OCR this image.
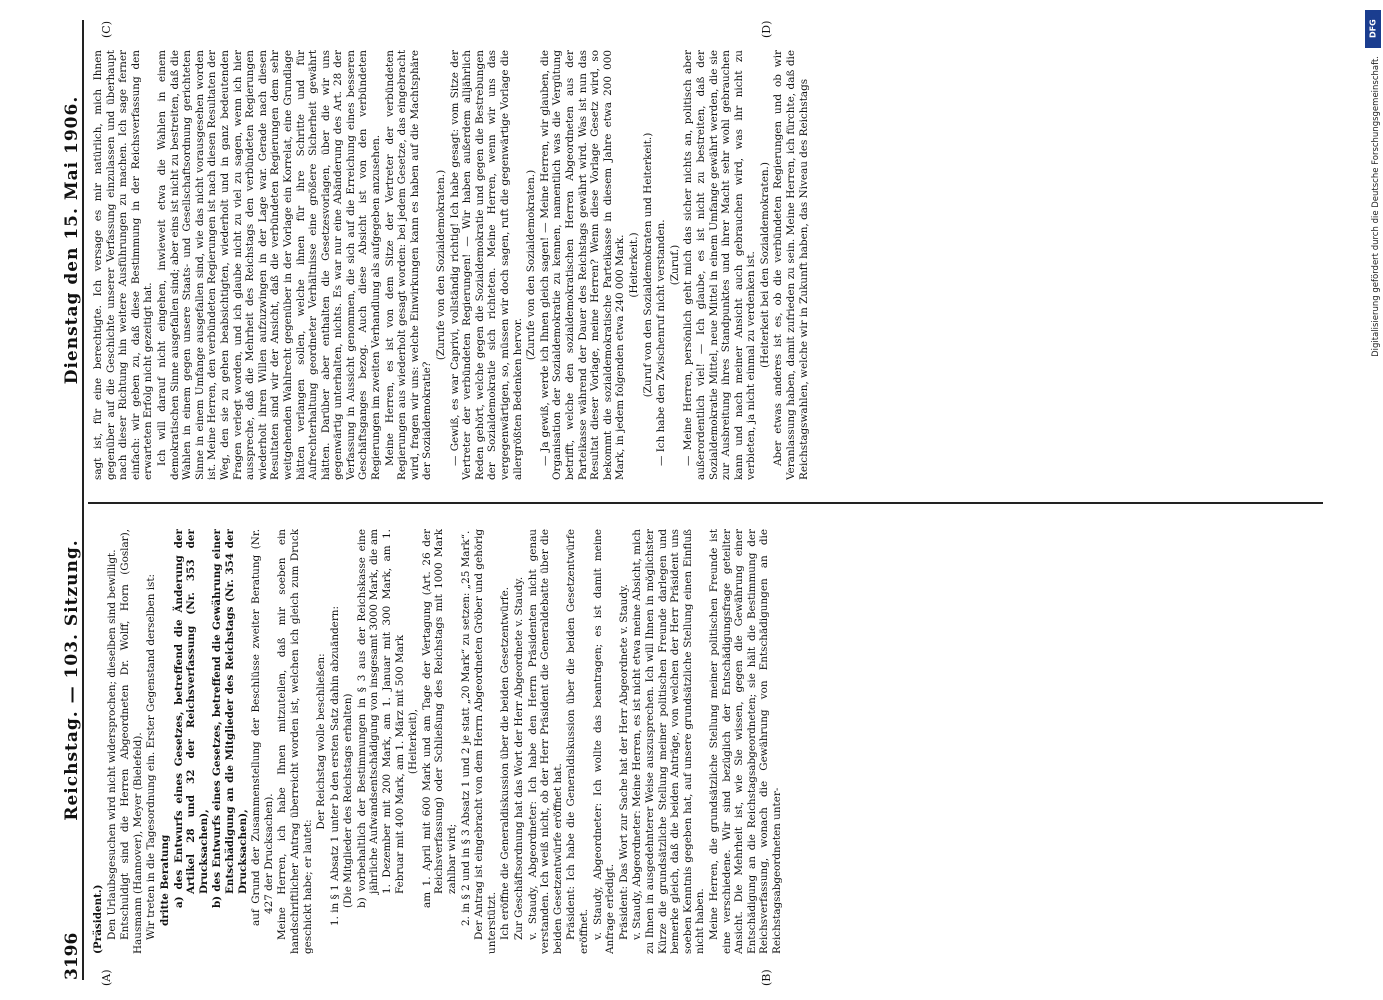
3196
Reichstag. — 103. Sitzung.
Dienstag den 15. Mai 1906.
(A)	(B)
(C)	(D)

(Präsident.) Den Urlaubsgesuchen wird nicht widersprochen; dieselben sind bewilligt. Entschuldigt sind die Herren Abgeordneten Dr. Wolff, Horn (Goslar), Hausmann (Hannover), Meyer (Bielefeld). Wir treten in die Tagesordnung ein. Erster Gegenstand derselben ist: dritte Beratung a) des Entwurfs eines Gesetzes, betreffend die Änderung der Artikel 28 und 32 der Reichsverfassung (Nr. 353 der Drucksachen), b) des Entwurfs eines Gesetzes, betreffend die Gewährung einer Entschädigung an die Mitglieder des Reichstags (Nr. 354 der Drucksachen), auf Grund der Zusammenstellung der Beschlüsse zweiter Beratung (Nr. 427 der Drucksachen). Meine Herren, ich habe Ihnen mitzuteilen, daß mir soeben ein handschriftlicher Antrag überreicht worden ist, welchen ich gleich zum Druck geschickt habe; er lautet:

Der Reichstag wolle beschließen: 1. in § 1 Absatz 1 unter b den ersten Satz dahin abzuändern: (Die Mitglieder des Reichstags erhalten) b) vorbehaltlich der Bestimmungen in § 3 aus der Reichskasse eine jährliche Aufwandsentschädigung von insgesamt 3000 Mark, die am 1. Dezember mit 200 Mark, am 1. Januar mit 300 Mark, am 1. Februar mit 400 Mark, am 1. März mit 500 Mark (Heiterkeit), am 1. April mit 600 Mark und am Tage der Vertagung (Art. 26 der Reichsverfassung) oder Schließung des Reichstags mit 1000 Mark zahlbar wird; 2. in § 2 und in § 3 Absatz 1 und 2 je statt „20 Mark“ zu setzen: „25 Mark“. Der Antrag ist eingebracht von dem Herrn Abgeordneten Gröber und gehörig unterstützt. Ich eröffne die Generaldiskussion über die beiden Gesetzentwürfe. Zur Geschäftsordnung hat das Wort der Herr Abgeordnete v. Staudy. v. Staudy, Abgeordneter: Ich habe den Herrn Präsidenten nicht genau verstanden. Ich weiß nicht, ob der Herr Präsident die Generaldebatte über die beiden Gesetzentwürfe eröffnet hat. Präsident: Ich habe die Generaldiskussion über die beiden Gesetzentwürfe eröffnet. v. Staudy, Abgeordneter: Ich wollte das beantragen; es ist damit meine Anfrage erledigt. Präsident: Das Wort zur Sache hat der Herr Abgeordnete v. Staudy. v. Staudy, Abgeordneter: Meine Herren, es ist nicht etwa meine Absicht, mich zu Ihnen in ausgedehnterer Weise auszusprechen. Ich will Ihnen in möglichster Kürze die grundsätzliche Stellung meiner politischen Freunde darlegen und bemerke gleich, daß die beiden Anträge, von welchen der Herr Präsident uns soeben Kenntnis gegeben hat, auf unsere grundsätzliche Stellung einen Einfluß nicht haben. Meine Herren, die grundsätzliche Stellung meiner politischen Freunde ist eine verschiedene. Wir sind bezüglich der Entschädigungsfrage geteilter Ansicht. Die Mehrheit ist, wie Sie wissen, gegen die Gewährung einer Entschädigung an die Reichstagsabgeordneten; sie hält die Bestimmung der Reichsverfassung, wonach die Gewährung von Entschädigungen an die Reichstagsabgeordneten unter-

sagt ist, für eine berechtigte. Ich versage es mir natürlich, mich Ihnen gegenüber auf die Geschichte unserer Verfassung einzulassen und überhaupt nach dieser Richtung hin weitere Ausführungen zu machen. Ich sage ferner einfach: wir geben zu, daß diese Bestimmung in der Reichsverfassung den erwarteten Erfolg nicht gezeitigt hat. Ich will darauf nicht eingehen, inwieweit etwa die Wahlen in einem demokratischen Sinne ausgefallen sind; aber eins ist nicht zu bestreiten, daß die Wahlen in einem gegen unsere Staats- und Gesellschaftsordnung gerichteten Sinne in einem Umfange ausgefallen sind, wie das nicht vorausgesehen worden ist. Meine Herren, den verbündeten Regierungen ist nach diesen Resultaten der Weg, den sie zu gehen beabsichtigten, wiederholt und in ganz bedeutenden Fragen verlegt worden, und ich glaube nicht zu viel zu sagen, wenn ich hier ausspreche, daß die Mehrheit des Reichstags den verbündeten Regierungen wiederholt ihren Willen aufzuzwingen in der Lage war. Gerade nach diesen Resultaten sind wir der Ansicht, daß die verbündeten Regierungen dem sehr weitgehenden Wahlrecht gegenüber in der Vorlage ein Korrelat, eine Grundlage hätten verlangen sollen, welche ihnen für ihre Schritte und für Aufrechterhaltung geordneter Verhältnisse eine größere Sicherheit gewährt hätten. Darüber aber enthalten die Gesetzesvorlagen, über die wir uns gegenwärtig unterhalten, nichts. Es war nur eine Abänderung des Art. 28 der Verfassung in Aussicht genommen, die sich auf die Erreichung eines besseren Geschäftsganges bezog. Auch diese Absicht ist von den verbündeten Regierungen im zweiten Verhandlung als aufgegeben anzusehen. Meine Herren, es ist von dem Sitze der Vertreter der verbündeten Regierungen aus wiederholt gesagt worden: bei jedem Gesetze, das eingebracht wird, fragen wir uns: welche Einwirkungen kann es haben auf die Machtsphäre der Sozialdemokratie?

(Zurufe von den Sozialdemokraten.) — Gewiß, es war Caprivi, vollständig richtig! Ich habe gesagt: vom Sitze der Vertreter der verbündeten Regierungen! — Wir haben außerdem alljährlich Reden gehört, welche gegen die Sozialdemokratie und gegen die Bestrebungen der Sozialdemokratie sich richteten. Meine Herren, wenn wir uns das vergegenwärtigen, so, müssen wir doch sagen, ruft die gegenwärtige Vorlage die allergrößten Bedenken hervor.

(Zurufe von den Sozialdemokraten.) — Ja gewiß, werde ich Ihnen gleich sagen! — Meine Herren, wir glauben, die Organisation der Sozialdemokratie zu kennen, namentlich was die Vergütung betrifft, welche den sozialdemokratischen Herren Abgeordneten aus der Parteikasse während der Dauer des Reichstags gewährt wird. Was ist nun das Resultat dieser Vorlage, meine Herren? Wenn diese Vorlage Gesetz wird, so bekommt die sozialdemokratische Parteikasse in diesem Jahre etwa 200 000 Mark, in jedem folgenden etwa 240 000 Mark. (Heiterkeit.) (Zuruf von den Sozialdemokraten und Heiterkeit.) — Ich habe den Zwischenruf nicht verstanden. (Zuruf.) — Meine Herren, persönlich geht mich das sicher nichts an, politisch aber außerordentlich viel! — Ich glaube, es ist nicht zu bestreiten, daß der Sozialdemokratie Mittel, neue Mittel in einem Umfange gewährt werden, die sie zur Ausbreitung ihres Standpunktes und ihrer Macht sehr wohl gebrauchen kann und nach meiner Ansicht auch gebrauchen wird, was ihr nicht zu verbieten, ja nicht einmal zu verdenken ist. (Heiterkeit bei den Sozialdemokraten.) Aber etwas anderes ist es, ob die verbündeten Regierungen und ob wir Veranlassung haben, damit zufrieden zu sein. Meine Herren, ich fürchte, daß die Reichstagswahlen, welche wir in Zukunft haben, das Niveau des Reichstags

DFG
Digitalisierung gefördert durch die Deutsche Forschungsgemeinschaft.
